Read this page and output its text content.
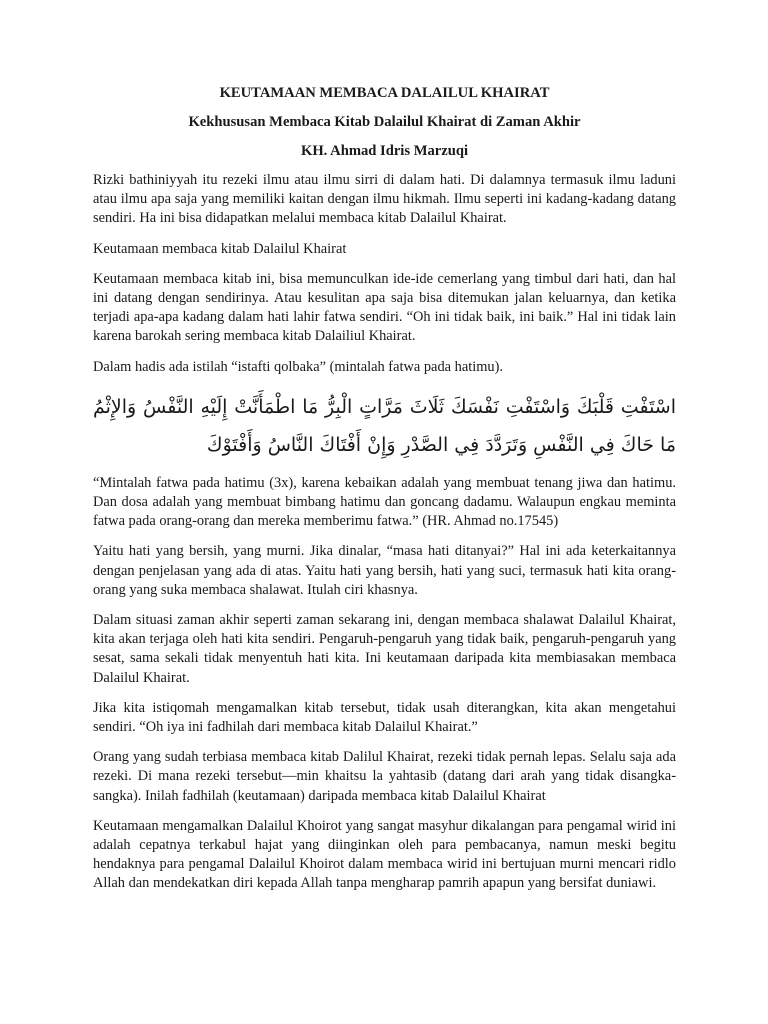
KEUTAMAAN MEMBACA DALAILUL KHAIRAT
Kekhususan Membaca Kitab Dalailul Khairat di Zaman Akhir
KH. Ahmad Idris Marzuqi

Rizki bathiniyyah itu rezeki ilmu atau ilmu sirri di dalam hati. Di dalamnya termasuk ilmu laduni atau ilmu apa saja yang memiliki kaitan dengan ilmu hikmah. Ilmu seperti ini kadang-kadang datang sendiri. Ha ini bisa didapatkan melalui membaca kitab Dalailul Khairat.

Keutamaan membaca kitab Dalailul Khairat

Keutamaan membaca kitab ini, bisa memunculkan ide-ide cemerlang yang timbul dari hati, dan hal ini datang dengan sendirinya. Atau kesulitan apa saja bisa ditemukan jalan keluarnya, dan ketika terjadi apa-apa kadang dalam hati lahir fatwa sendiri. “Oh ini tidak baik, ini baik.” Hal ini tidak lain karena barokah sering membaca kitab Dalailiul Khairat.

Dalam hadis ada istilah “istafti qolbaka” (mintalah fatwa pada hatimu).

اسْتَفْتِ قَلْبَكَ وَاسْتَفْتِ نَفْسَكَ ثَلَاثَ مَرَّاتٍ الْبِرُّ مَا اطْمَأَنَّتْ إِلَيْهِ النَّفْسُ وَالإِثْمُ مَا حَاكَ فِي النَّفْسِ وَتَرَدَّدَ فِي الصَّدْرِ وَإِنْ أَفْتَاكَ النَّاسُ وَأَفْتَوْكَ

“Mintalah fatwa pada hatimu (3x), karena kebaikan adalah yang membuat tenang jiwa dan hatimu. Dan dosa adalah yang membuat bimbang hatimu dan goncang dadamu. Walaupun engkau meminta fatwa pada orang-orang dan mereka memberimu fatwa.” (HR. Ahmad no.17545)

Yaitu hati yang bersih, yang murni. Jika dinalar, “masa hati ditanyai?” Hal ini ada keterkaitannya dengan penjelasan yang ada di atas. Yaitu hati yang bersih, hati yang suci, termasuk hati kita orang-orang yang suka membaca shalawat. Itulah ciri khasnya.

Dalam situasi zaman akhir seperti zaman sekarang ini, dengan membaca shalawat Dalailul Khairat, kita akan terjaga oleh hati kita sendiri. Pengaruh-pengaruh yang tidak baik, pengaruh-pengaruh yang sesat, sama sekali tidak menyentuh hati kita. Ini keutamaan daripada kita membiasakan membaca Dalailul Khairat.

Jika kita istiqomah mengamalkan kitab tersebut, tidak usah diterangkan, kita akan mengetahui sendiri. “Oh iya ini fadhilah dari membaca kitab Dalailul Khairat.”

Orang yang sudah terbiasa membaca kitab Dalilul Khairat, rezeki tidak pernah lepas. Selalu saja ada rezeki. Di mana rezeki tersebut—min khaitsu la yahtasib (datang dari arah yang tidak disangka-sangka). Inilah fadhilah (keutamaan) daripada membaca kitab Dalailul Khairat

Keutamaan mengamalkan Dalailul Khoirot yang sangat masyhur dikalangan para pengamal wirid ini adalah cepatnya terkabul hajat yang diinginkan oleh para pembacanya, namun meski begitu hendaknya para pengamal Dalailul Khoirot dalam membaca wirid ini bertujuan murni mencari ridlo Allah dan mendekatkan diri kepada Allah tanpa mengharap pamrih apapun yang bersifat duniawi.
